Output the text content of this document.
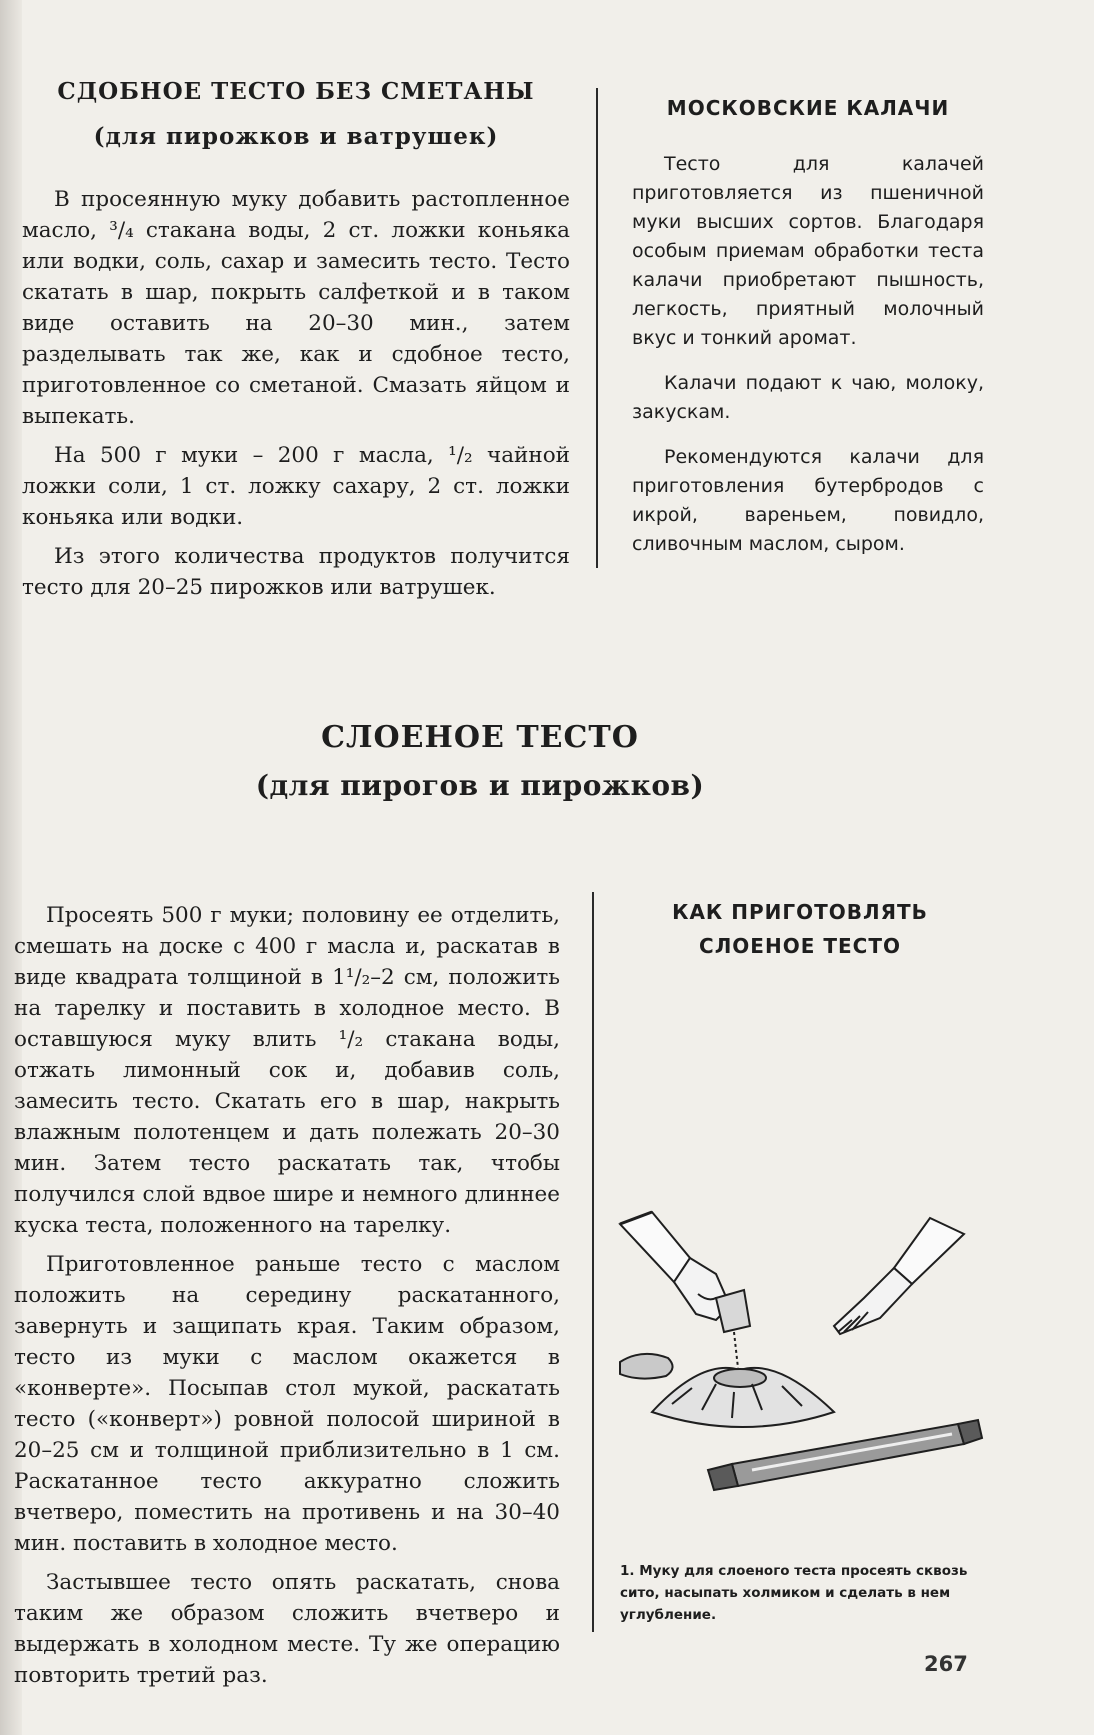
СДОБНОЕ ТЕСТО БЕЗ СМЕТАНЫ
(для пирожков и ватрушек)

В просеянную муку добавить растопленное масло, ³/₄ стакана воды, 2 ст. ложки коньяка или водки, соль, сахар и замесить тесто. Тесто скатать в шар, покрыть салфеткой и в таком виде оставить на 20–30 мин., затем разделывать так же, как и сдобное тесто, приготовленное со сметаной. Смазать яйцом и выпекать.

На 500 г муки – 200 г масла, ¹/₂ чайной ложки соли, 1 ст. ложку сахару, 2 ст. ложки коньяка или водки.

Из этого количества продуктов получится тесто для 20–25 пирожков или ватрушек.

МОСКОВСКИЕ КАЛАЧИ

Тесто для калачей приготовляется из пшеничной муки высших сортов. Благодаря особым приемам обработки теста калачи приобретают пышность, легкость, приятный молочный вкус и тонкий аромат.

Калачи подают к чаю, молоку, закускам.

Рекомендуются калачи для приготовления бутербродов с икрой, вареньем, повидло, сливочным маслом, сыром.

СЛОЕНОЕ ТЕСТО
(для пирогов и пирожков)

Просеять 500 г муки; половину ее отделить, смешать на доске с 400 г масла и, раскатав в виде квадрата толщиной в 1¹/₂–2 см, положить на тарелку и поставить в холодное место. В оставшуюся муку влить ¹/₂ стакана воды, отжать лимонный сок и, добавив соль, замесить тесто. Скатать его в шар, накрыть влажным полотенцем и дать полежать 20–30 мин. Затем тесто раскатать так, чтобы получился слой вдвое шире и немного длиннее куска теста, положенного на тарелку.

Приготовленное раньше тесто с маслом положить на середину раскатанного, завернуть и защипать края. Таким образом, тесто из муки с маслом окажется в «конверте». Посыпав стол мукой, раскатать тесто («конверт») ровной полосой шириной в 20–25 см и толщиной приблизительно в 1 см. Раскатанное тесто аккуратно сложить вчетверо, поместить на противень и на 30–40 мин. поставить в холодное место.

Застывшее тесто опять раскатать, снова таким же образом сложить вчетверо и выдержать в холодном месте. Ту же операцию повторить третий раз.

КАК ПРИГОТОВЛЯТЬ
СЛОЕНОЕ ТЕСТО

1. Муку для слоеного теста просеять сквозь сито, насыпать холмиком и сделать в нем углубление.

267
